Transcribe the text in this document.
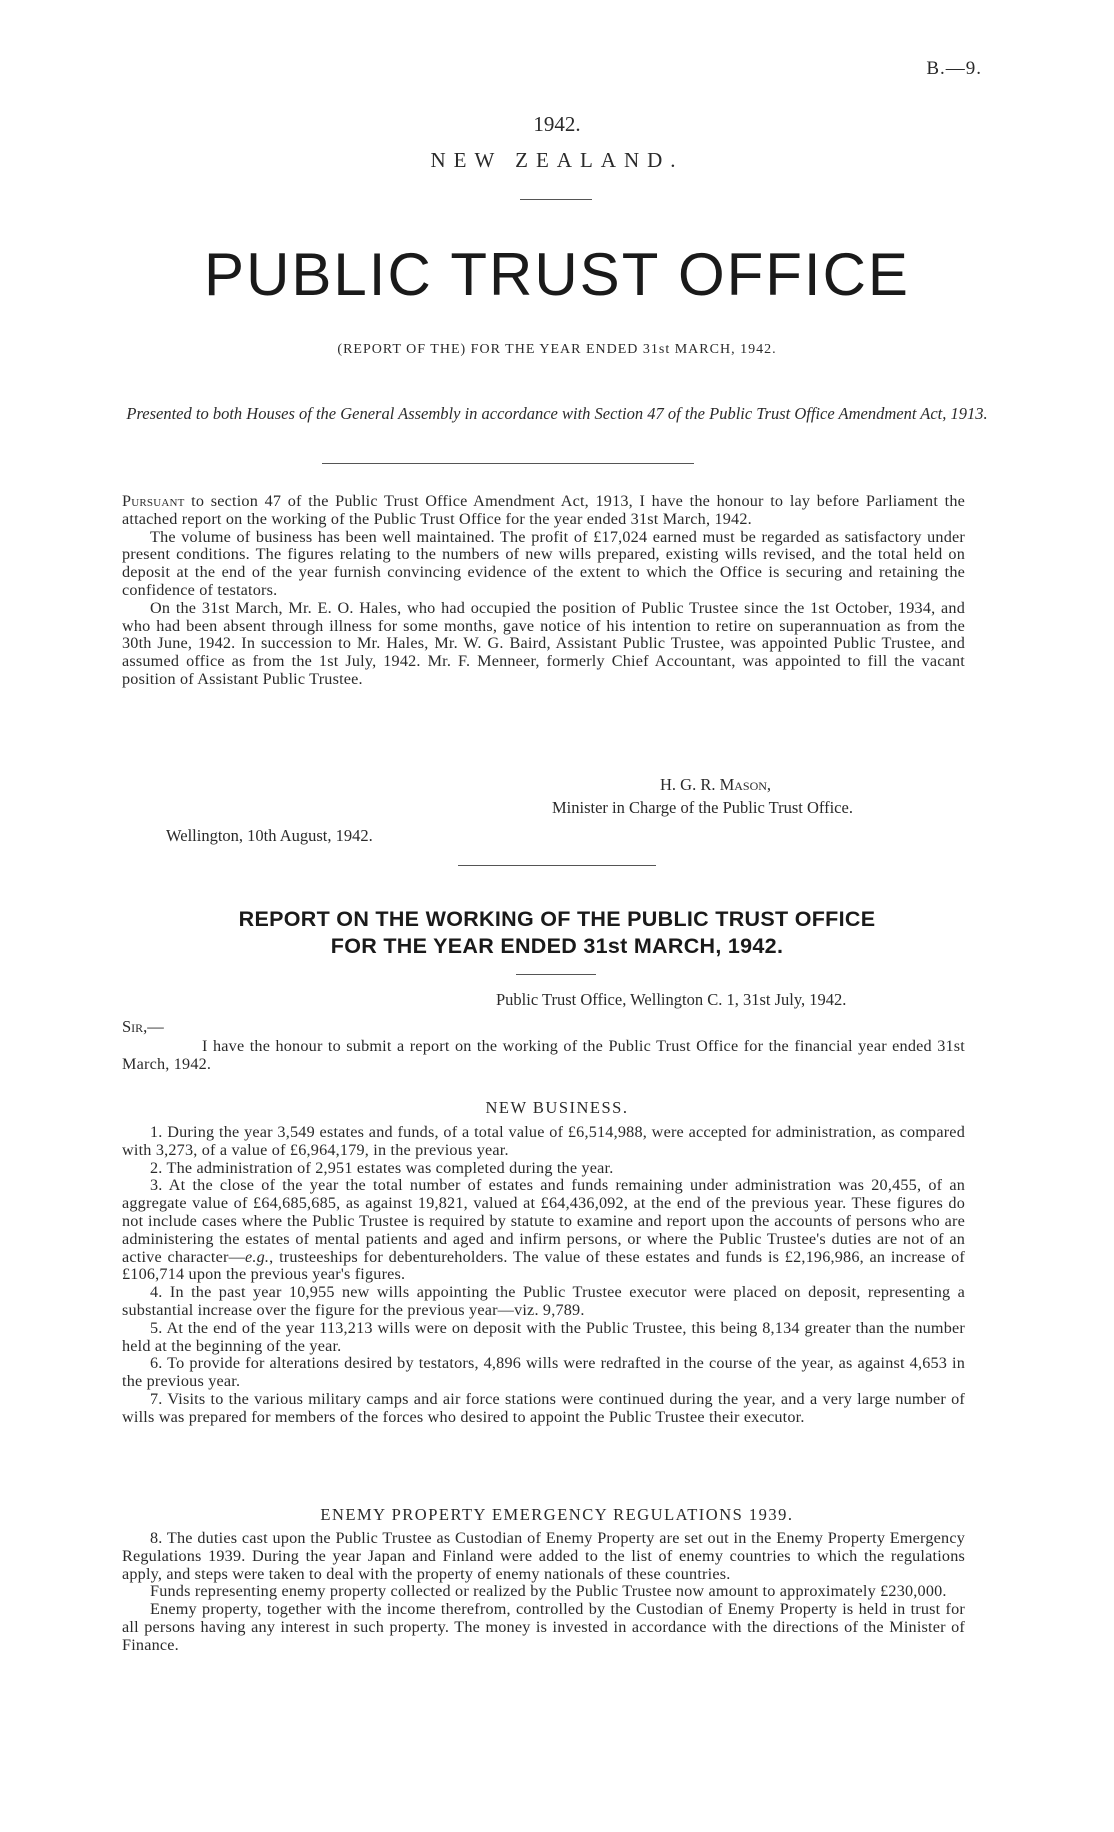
B.—9.
1942.
NEW ZEALAND.
PUBLIC TRUST OFFICE
(REPORT OF THE) FOR THE YEAR ENDED 31st MARCH, 1942.
Presented to both Houses of the General Assembly in accordance with Section 47 of the Public Trust Office Amendment Act, 1913.

Pursuant to section 47 of the Public Trust Office Amendment Act, 1913, I have the honour to lay before Parliament the attached report on the working of the Public Trust Office for the year ended 31st March, 1942.

The volume of business has been well maintained. The profit of £17,024 earned must be regarded as satisfactory under present conditions. The figures relating to the numbers of new wills prepared, existing wills revised, and the total held on deposit at the end of the year furnish convincing evidence of the extent to which the Office is securing and retaining the confidence of testators.

On the 31st March, Mr. E. O. Hales, who had occupied the position of Public Trustee since the 1st October, 1934, and who had been absent through illness for some months, gave notice of his intention to retire on superannuation as from the 30th June, 1942. In succession to Mr. Hales, Mr. W. G. Baird, Assistant Public Trustee, was appointed Public Trustee, and assumed office as from the 1st July, 1942. Mr. F. Menneer, formerly Chief Accountant, was appointed to fill the vacant position of Assistant Public Trustee.

H. G. R. Mason,
Minister in Charge of the Public Trust Office.
Wellington, 10th August, 1942.
REPORT ON THE WORKING OF THE PUBLIC TRUST OFFICE
FOR THE YEAR ENDED 31st MARCH, 1942.
Public Trust Office, Wellington C. 1, 31st July, 1942.
Sir,—

I have the honour to submit a report on the working of the Public Trust Office for the financial year ended 31st March, 1942.

NEW BUSINESS.

1. During the year 3,549 estates and funds, of a total value of £6,514,988, were accepted for administration, as compared with 3,273, of a value of £6,964,179, in the previous year.

2. The administration of 2,951 estates was completed during the year.

3. At the close of the year the total number of estates and funds remaining under administration was 20,455, of an aggregate value of £64,685,685, as against 19,821, valued at £64,436,092, at the end of the previous year. These figures do not include cases where the Public Trustee is required by statute to examine and report upon the accounts of persons who are administering the estates of mental patients and aged and infirm persons, or where the Public Trustee's duties are not of an active character—e.g., trusteeships for debentureholders. The value of these estates and funds is £2,196,986, an increase of £106,714 upon the previous year's figures.

4. In the past year 10,955 new wills appointing the Public Trustee executor were placed on deposit, representing a substantial increase over the figure for the previous year—viz. 9,789.

5. At the end of the year 113,213 wills were on deposit with the Public Trustee, this being 8,134 greater than the number held at the beginning of the year.

6. To provide for alterations desired by testators, 4,896 wills were redrafted in the course of the year, as against 4,653 in the previous year.

7. Visits to the various military camps and air force stations were continued during the year, and a very large number of wills was prepared for members of the forces who desired to appoint the Public Trustee their executor.

ENEMY PROPERTY EMERGENCY REGULATIONS 1939.

8. The duties cast upon the Public Trustee as Custodian of Enemy Property are set out in the Enemy Property Emergency Regulations 1939. During the year Japan and Finland were added to the list of enemy countries to which the regulations apply, and steps were taken to deal with the property of enemy nationals of these countries.

Funds representing enemy property collected or realized by the Public Trustee now amount to approximately £230,000.

Enemy property, together with the income therefrom, controlled by the Custodian of Enemy Property is held in trust for all persons having any interest in such property. The money is invested in accordance with the directions of the Minister of Finance.
